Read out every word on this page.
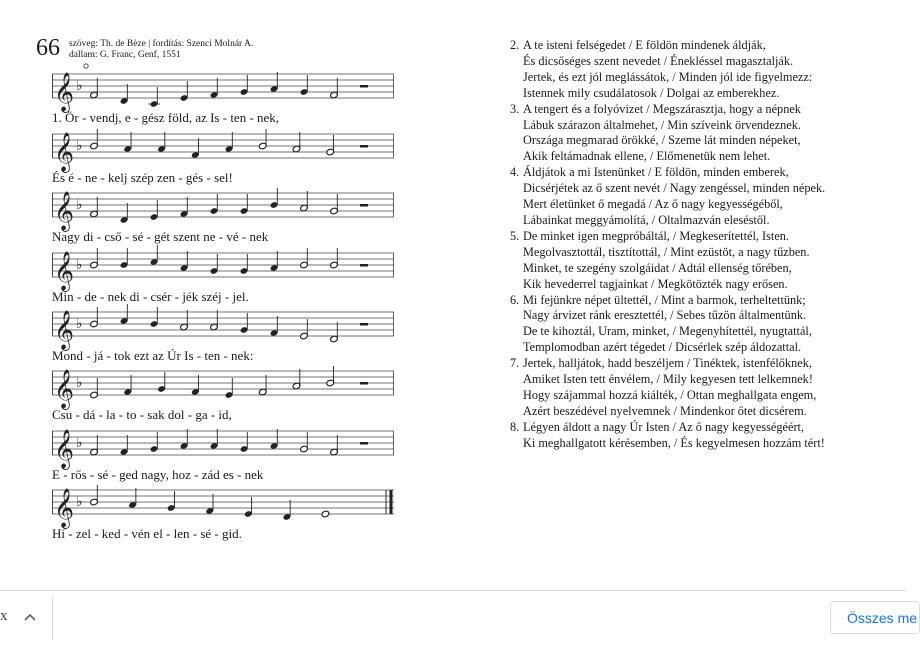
66 szöveg: Th. de Bèze | fordítás: Szenci Molnár A.
dallam: G. Franc, Genf, 1551
𝄞 ♭
𝄞 ♭
𝄞 ♭
𝄞 ♭
𝄞 ♭
𝄞 ♭
𝄞 ♭
𝄞 ♭
1. Ör - vendj, e - gész föld, az Is - ten - nek,
És é - ne - kelj szép zen - gés - sel!
Nagy di - cső - sé - gét szent ne - vé - nek
Min - de - nek di - csér - jék széj - jel.
Mond - já - tok ezt az Úr Is - ten - nek:
Csu - dá - la - to - sak dol - ga - id,
E - rős - sé - ged nagy, hoz - zád es - nek
Hí - zel - ked - vén el - len - sé - gid.
2. A te isteni felségedet / E földön mindenek áldják,
És dicsőséges szent nevedet / Énekléssel magasztalják.
Jertek, és ezt jól meglássátok, / Minden jól ide figyelmezz:
Istennek mily csudálatosok / Dolgai az emberekhez.
3. A tengert és a folyóvizet / Megszárasztja, hogy a népnek
Lábuk szárazon általmehet, / Min szíveink örvendeznek.
Országa megmarad örökké, / Szeme lát minden népeket,
Akik feltámadnak ellene, / Előmenetük nem lehet.
4. Áldjátok a mi Istenünket / E földön, minden emberek,
Dicsérjétek az ő szent nevét / Nagy zengéssel, minden népek.
Mert életünket ő megadá / Az ő nagy kegyességéből,
Lábainkat meggyámolítá, / Oltalmazván eleséstől.
5. De minket igen megpróbáltál, / Megkeserítettél, Isten.
Megolvasztottál, tisztítottál, / Mint ezüstöt, a nagy tűzben.
Minket, te szegény szolgáidat / Adtál ellenség tőrében,
Kik hevederrel tagjainkat / Megkötözték nagy erősen.
6. Mi fejünkre népet ültettél, / Mint a barmok, terheltettünk;
Nagy árvizet ránk eresztettél, / Sebes tűzön általmentünk.
De te kihoztál, Uram, minket, / Megenyhítettél, nyugtattál,
Templomodban azért tégedet / Dicsérlek szép áldozattal.
7. Jertek, halljátok, hadd beszéljem / Tinéktek, istenfélőknek,
Amiket Isten tett énvélem, / Mily kegyesen tett lelkemnek!
Hogy szájammal hozzá kiálték, / Ottan meghallgata engem,
Azért beszédével nyelvemnek / Mindenkor őtet dicsérem.
8. Légyen áldott a nagy Úr Isten / Az ő nagy kegyességéért,
Ki meghallgatott kérésemben, / És kegyelmesen hozzám tért!
x	Összes me
